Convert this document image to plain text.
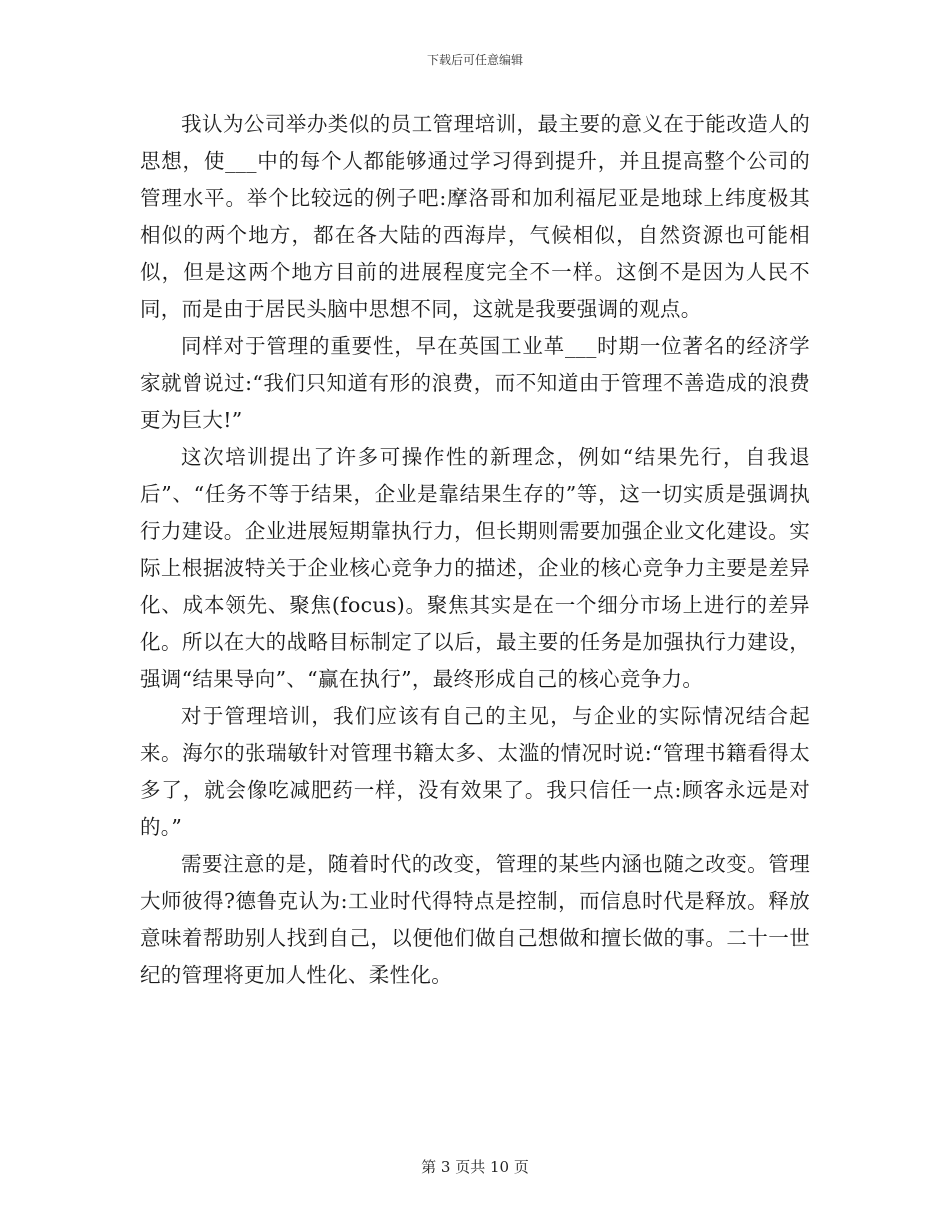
下载后可任意编辑

我认为公司举办类似的员工管理培训，最主要的意义在于能改造人的思想，使___中的每个人都能够通过学习得到提升，并且提高整个公司的管理水平。举个比较远的例子吧:摩洛哥和加利福尼亚是地球上纬度极其相似的两个地方，都在各大陆的西海岸，气候相似，自然资源也可能相似，但是这两个地方目前的进展程度完全不一样。这倒不是因为人民不同，而是由于居民头脑中思想不同，这就是我要强调的观点。

同样对于管理的重要性，早在英国工业革___时期一位著名的经济学家就曾说过:“我们只知道有形的浪费，而不知道由于管理不善造成的浪费更为巨大!”

这次培训提出了许多可操作性的新理念，例如“结果先行，自我退后”、“任务不等于结果，企业是靠结果生存的”等，这一切实质是强调执行力建设。企业进展短期靠执行力，但长期则需要加强企业文化建设。实际上根据波特关于企业核心竞争力的描述，企业的核心竞争力主要是差异化、成本领先、聚焦(focus)。聚焦其实是在一个细分市场上进行的差异化。所以在大的战略目标制定了以后，最主要的任务是加强执行力建设，强调“结果导向”、“赢在执行”，最终形成自己的核心竞争力。

对于管理培训，我们应该有自己的主见，与企业的实际情况结合起来。海尔的张瑞敏针对管理书籍太多、太滥的情况时说:“管理书籍看得太多了，就会像吃减肥药一样，没有效果了。我只信任一点:顾客永远是对的。”

需要注意的是，随着时代的改变，管理的某些内涵也随之改变。管理大师彼得?德鲁克认为:工业时代得特点是控制，而信息时代是释放。释放意味着帮助别人找到自己，以便他们做自己想做和擅长做的事。二十一世纪的管理将更加人性化、柔性化。

第 3 页共 10 页
